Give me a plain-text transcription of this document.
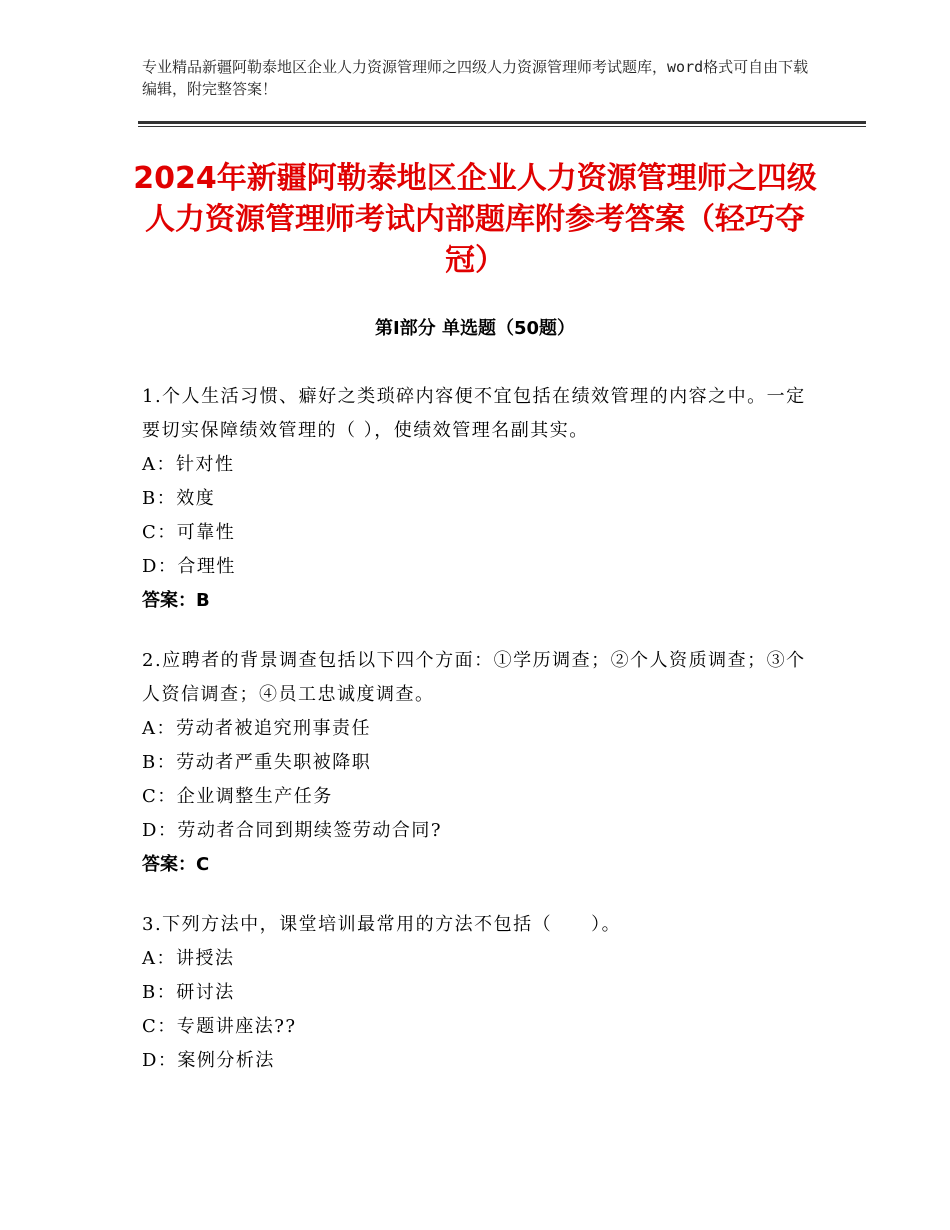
专业精品新疆阿勒泰地区企业人力资源管理师之四级人力资源管理师考试题库，word格式可自由下载编辑，附完整答案！
2024年新疆阿勒泰地区企业人力资源管理师之四级人力资源管理师考试内部题库附参考答案（轻巧夺冠）
第Ⅰ部分 单选题（50题）
1.个人生活习惯、癖好之类琐碎内容便不宜包括在绩效管理的内容之中。一定要切实保障绩效管理的（ ），使绩效管理名副其实。
A：针对性
B：效度
C：可靠性
D：合理性
答案：B
2.应聘者的背景调查包括以下四个方面：①学历调查；②个人资质调查；③个人资信调查；④员工忠诚度调查。
A：劳动者被追究刑事责任
B：劳动者严重失职被降职
C：企业调整生产任务
D：劳动者合同到期续签劳动合同?
答案：C
3.下列方法中，课堂培训最常用的方法不包括（　　）。
A：讲授法
B：研讨法
C：专题讲座法??
D：案例分析法
